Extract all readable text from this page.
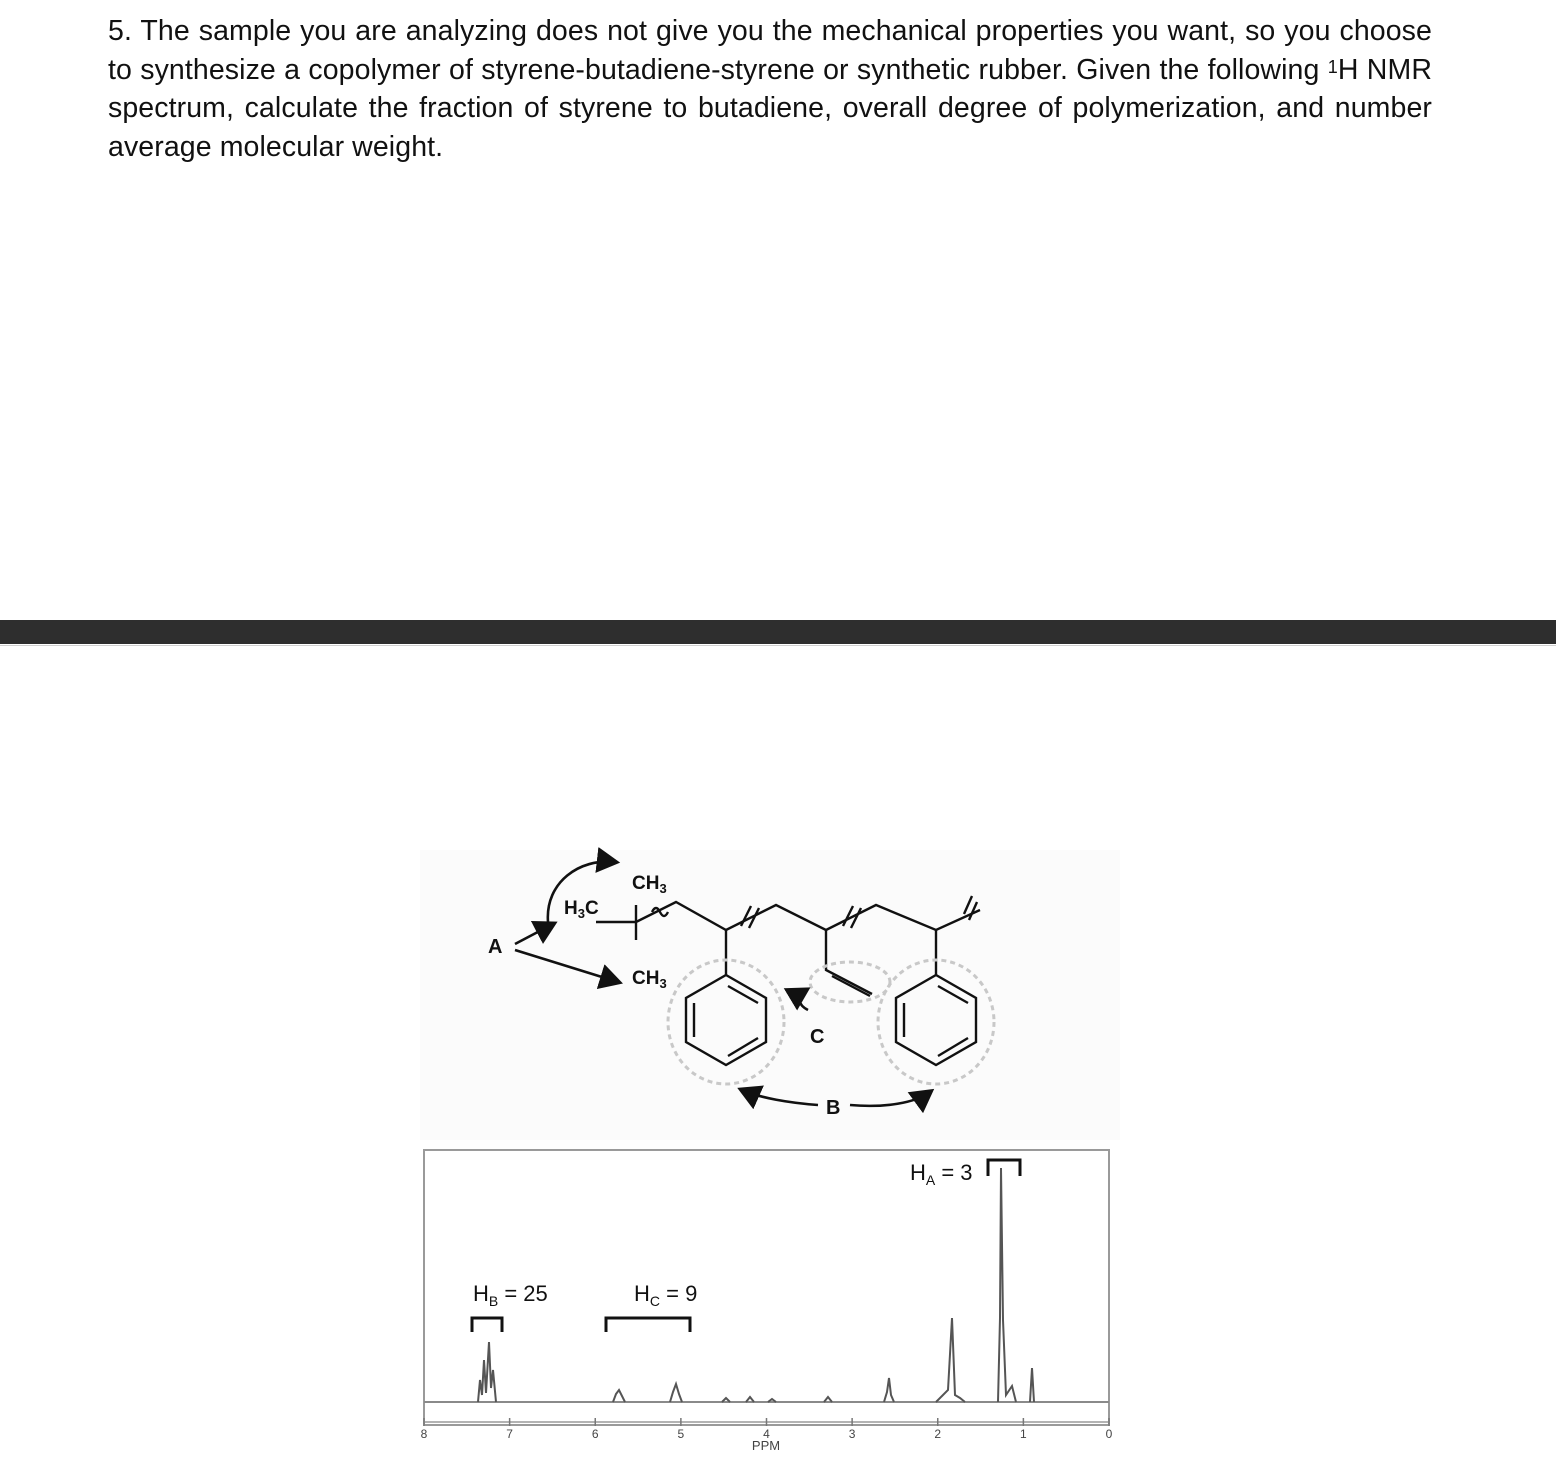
5. The sample you are analyzing does not give you the mechanical properties you want, so you choose to synthesize a copolymer of styrene-butadiene-styrene or synthetic rubber. Given the following $^1$H NMR spectrum, calculate the fraction of styrene to butadiene, overall degree of polymerization, and number average molecular weight.
A
B
C
$H_3C$
$CH_3$
$CH_3$
$H_B = 25$	$H_C = 9$
$H_A = 3$
8	7	6	5	4	3	2	1	0
PPM
